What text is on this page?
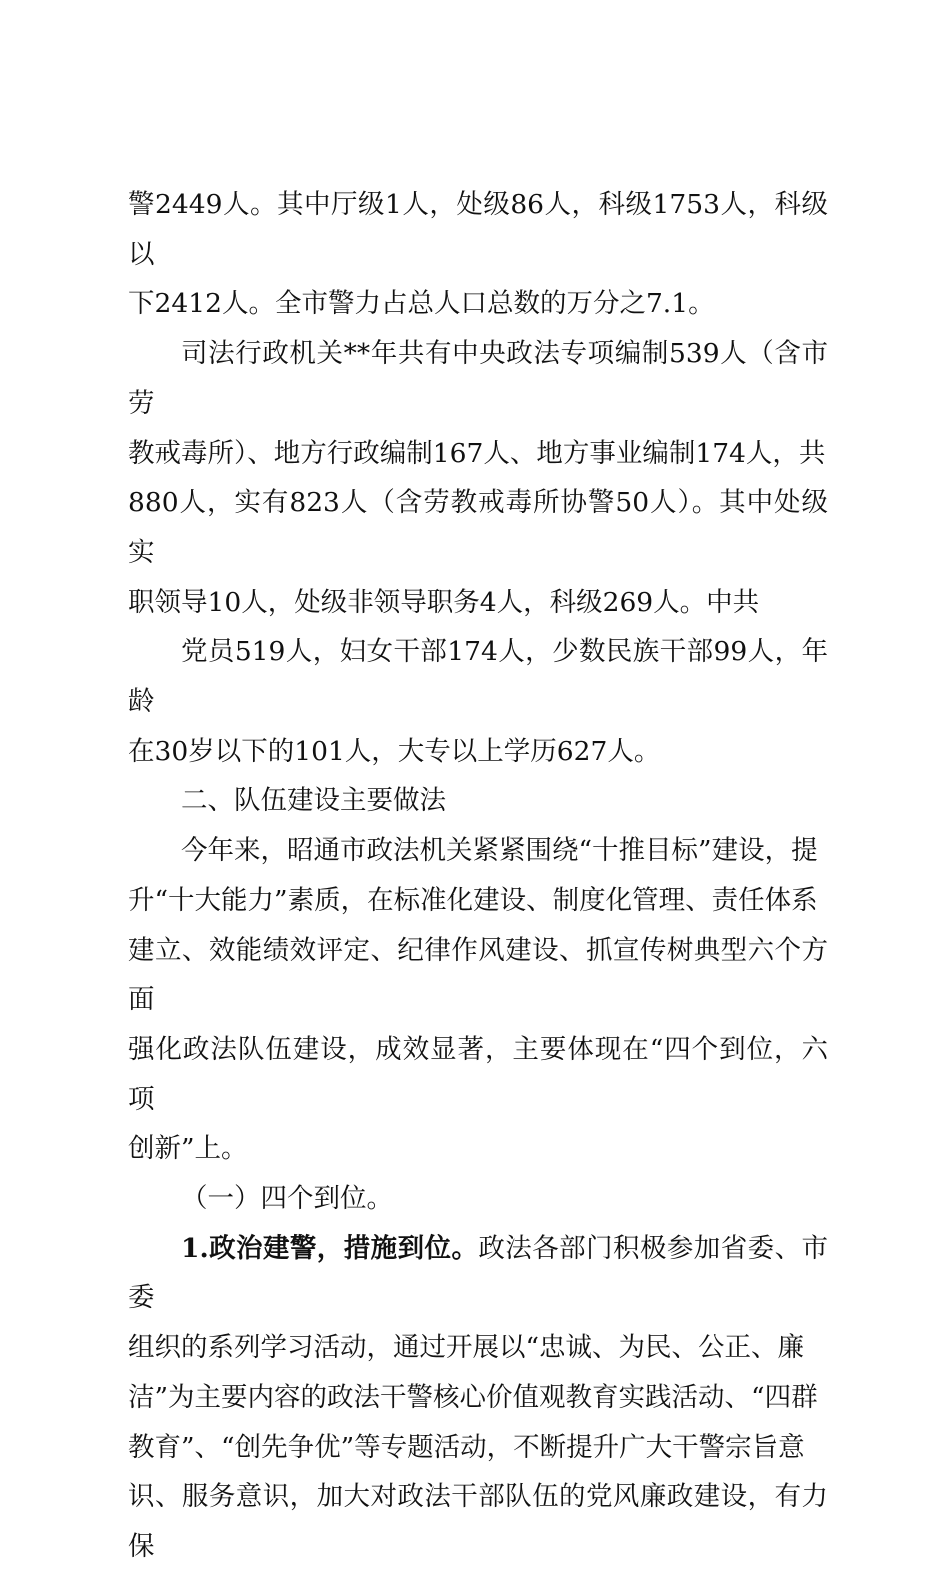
警2449人。其中厅级1人，处级86人，科级1753人，科级以
下2412人。全市警力占总人口总数的万分之7.1。
司法行政机关**年共有中央政法专项编制539人（含市劳
教戒毒所）、地方行政编制167人、地方事业编制174人，共
880人，实有823人（含劳教戒毒所协警50人）。其中处级实
职领导10人，处级非领导职务4人，科级269人。中共
党员519人，妇女干部174人，少数民族干部99人，年龄
在30岁以下的101人，大专以上学历627人。
二、队伍建设主要做法
今年来，昭通市政法机关紧紧围绕“十推目标”建设，提
升“十大能力”素质，在标准化建设、制度化管理、责任体系
建立、效能绩效评定、纪律作风建设、抓宣传树典型六个方面
强化政法队伍建设，成效显著，主要体现在“四个到位，六项
创新”上。
（一）四个到位。
1.政治建警，措施到位。政法各部门积极参加省委、市委
组织的系列学习活动，通过开展以“忠诚、为民、公正、廉
洁”为主要内容的政法干警核心价值观教育实践活动、“四群
教育”、“创先争优”等专题活动，不断提升广大干警宗旨意
识、服务意识，加大对政法干部队伍的党风廉政建设，有力保
